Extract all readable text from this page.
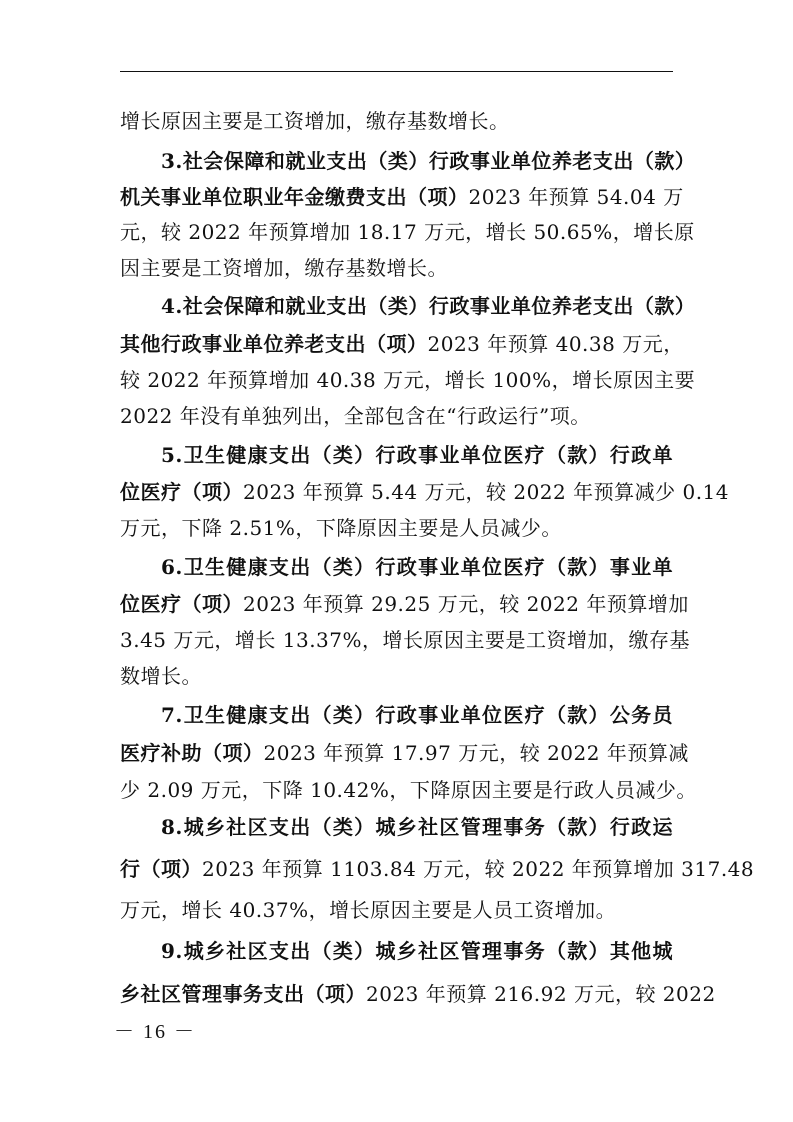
增长原因主要是工资增加，缴存基数增长。
3.社会保障和就业支出（类）行政事业单位养老支出（款）
机关事业单位职业年金缴费支出（项）2023 年预算 54.04 万
元，较 2022 年预算增加 18.17 万元，增长 50.65%，增长原
因主要是工资增加，缴存基数增长。
4.社会保障和就业支出（类）行政事业单位养老支出（款）
其他行政事业单位养老支出（项）2023 年预算 40.38 万元，
较 2022 年预算增加 40.38 万元，增长 100%，增长原因主要
2022 年没有单独列出，全部包含在“行政运行”项。
5.卫生健康支出（类）行政事业单位医疗（款）行政单
位医疗（项）2023 年预算 5.44 万元，较 2022 年预算减少 0.14
万元，下降 2.51%，下降原因主要是人员减少。
6.卫生健康支出（类）行政事业单位医疗（款）事业单
位医疗（项）2023 年预算 29.25 万元，较 2022 年预算增加
3.45 万元，增长 13.37%，增长原因主要是工资增加，缴存基
数增长。
7.卫生健康支出（类）行政事业单位医疗（款）公务员
医疗补助（项）2023 年预算 17.97 万元，较 2022 年预算减
少 2.09 万元，下降 10.42%，下降原因主要是行政人员减少。
8.城乡社区支出（类）城乡社区管理事务（款）行政运
行（项）2023 年预算 1103.84 万元，较 2022 年预算增加 317.48
万元，增长 40.37%，增长原因主要是人员工资增加。
9.城乡社区支出（类）城乡社区管理事务（款）其他城
乡社区管理事务支出（项）2023 年预算 216.92 万元，较 2022
－ 16 －
